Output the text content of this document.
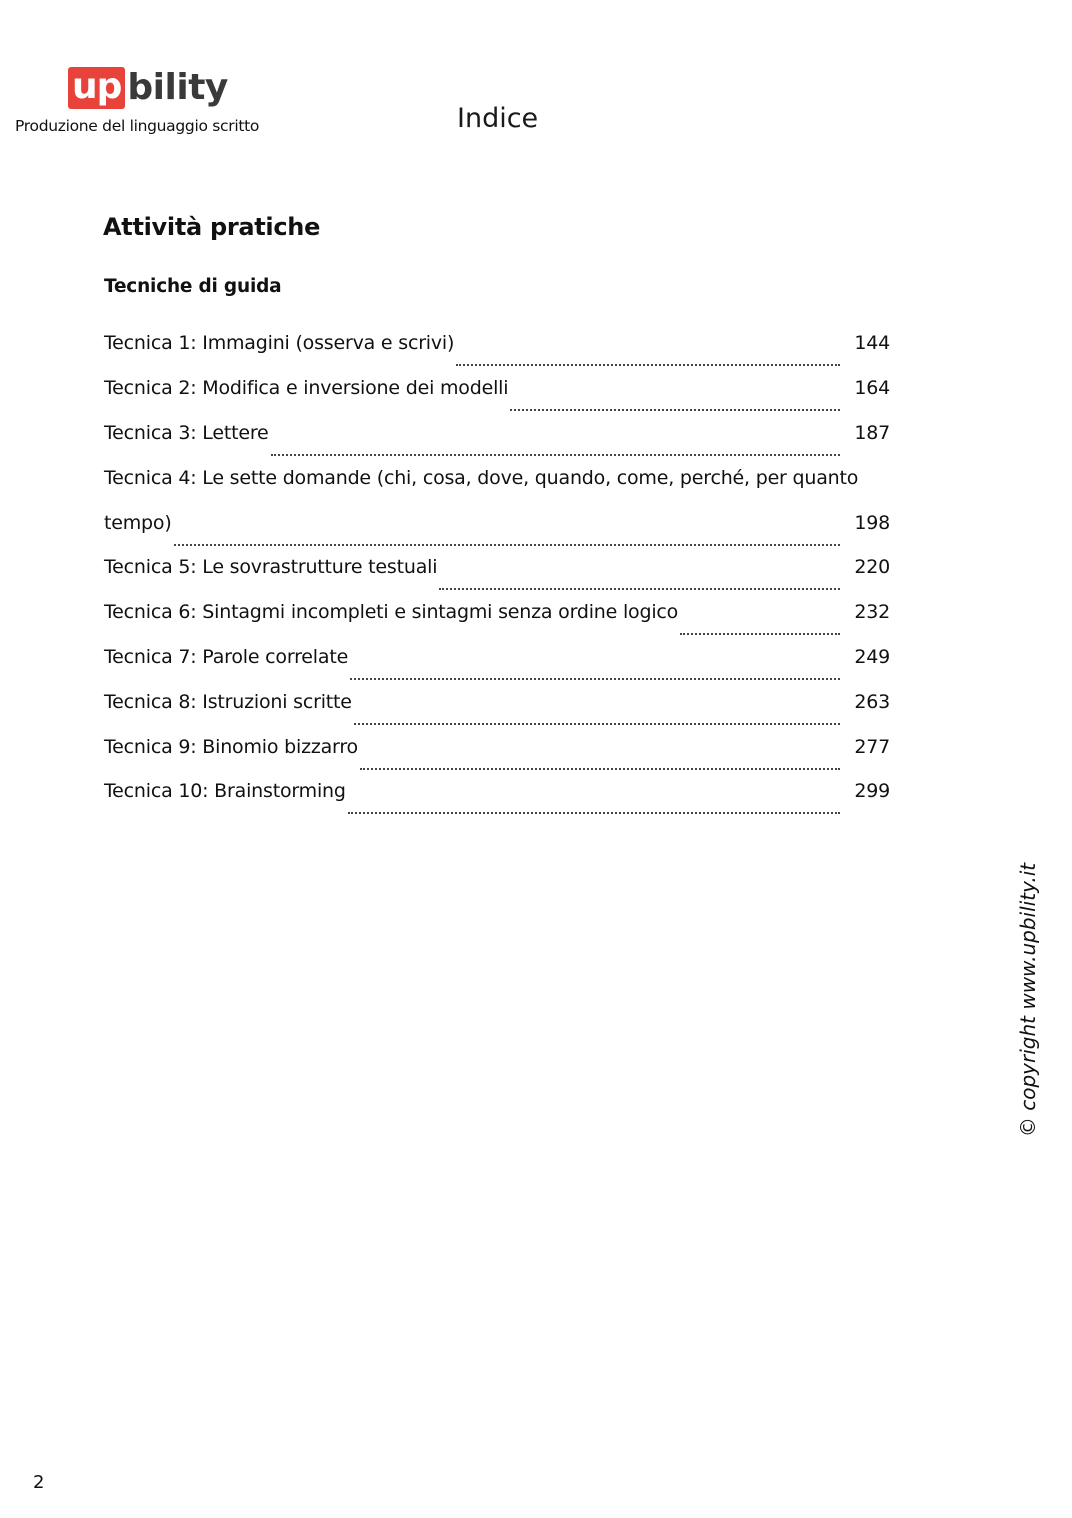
up bility
Produzione del linguaggio scritto	Indice
Attività pratiche
Tecniche di guida
Tecnica 1: Immagini (osserva e scrivi)	144
Tecnica 2: Modifica e inversione dei modelli	164
Tecnica 3: Lettere	187
Tecnica 4: Le sette domande (chi, cosa, dove, quando, come, perché, per quanto
tempo)	198
Tecnica 5: Le sovrastrutture testuali	220
Tecnica 6: Sintagmi incompleti e sintagmi senza ordine logico	232
Tecnica 7: Parole correlate	249
Tecnica 8: Istruzioni scritte	263
Tecnica 9: Binomio bizzarro	277
Tecnica 10: Brainstorming	299
© copyright www.upbility.it
2
